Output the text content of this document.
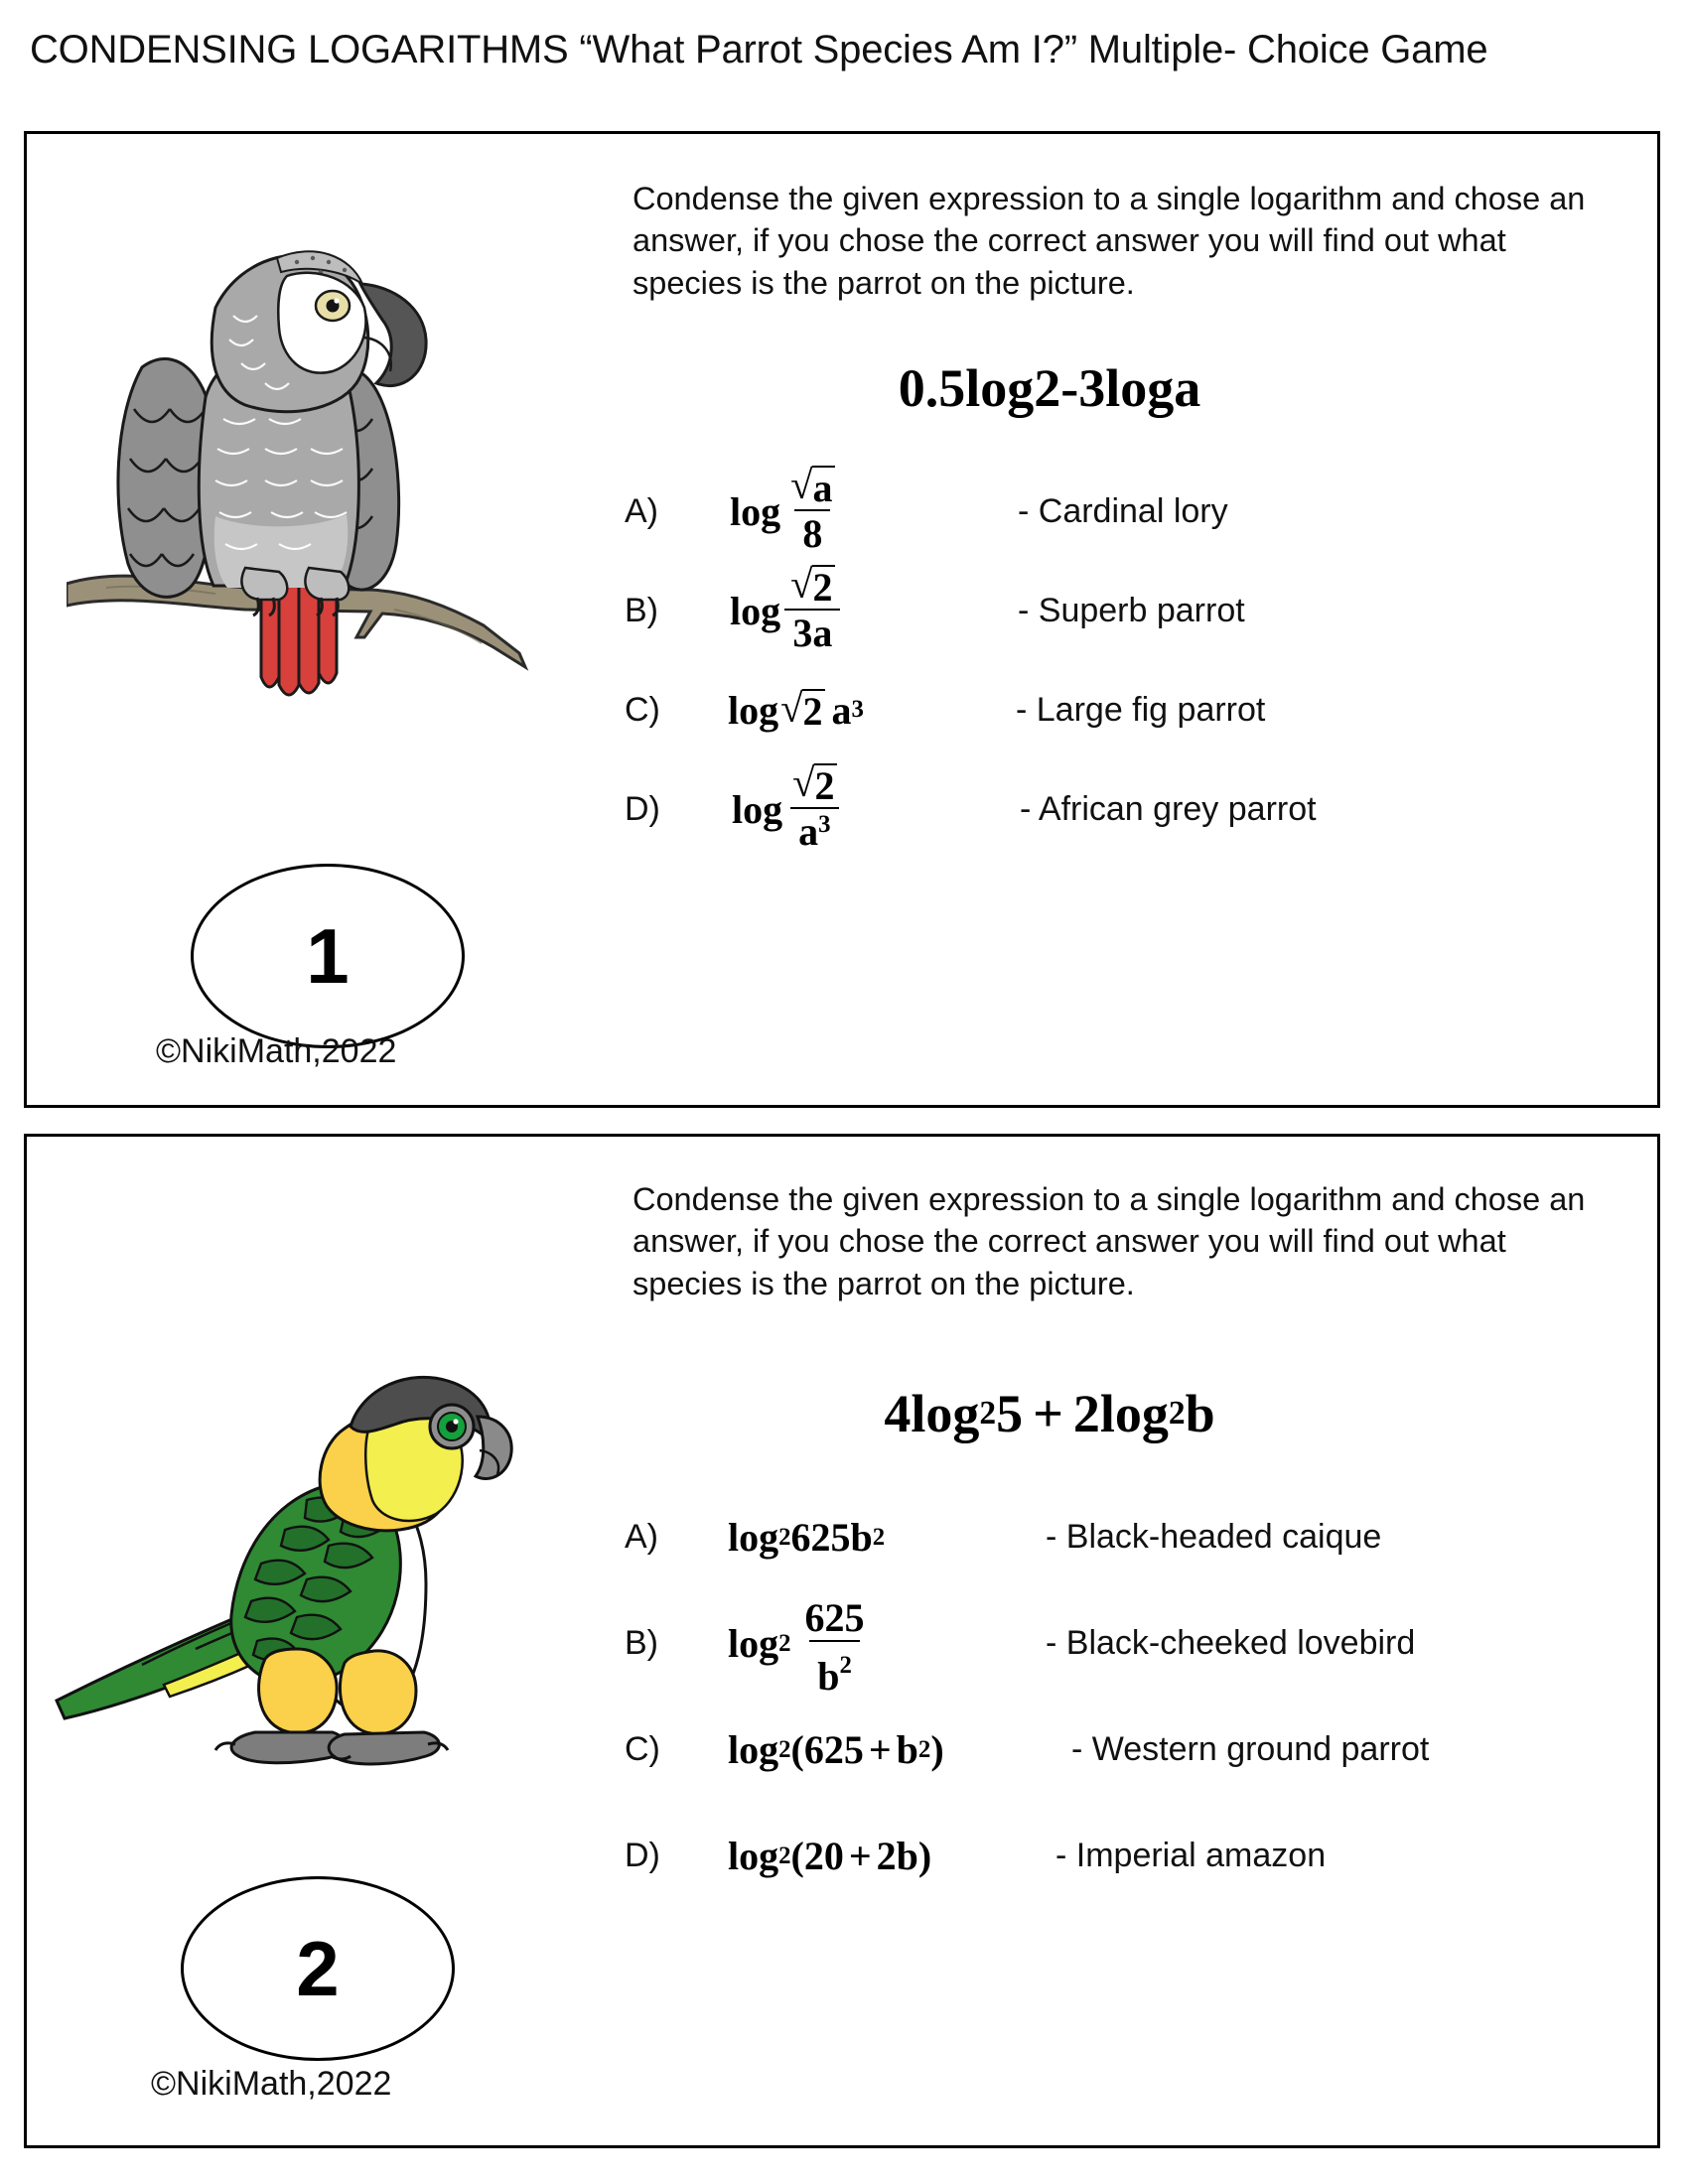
CONDENSING LOGARITHMS “What Parrot Species Am I?” Multiple- Choice Game
1
©NikiMath,2022
Condense the given expression to a single logarithm and chose an answer, if you chose the correct answer you will find out what species is the parrot on the picture.
0.5log2-3loga
A)	$\log \frac{√ a}{8}$	- Cardinal lory
B)	$\log \frac{√ 2}{3a}$	- Superb parrot
C)	log √ 2 a 3	- Large fig parrot
D)	$\log \frac{√ 2}{a^3}$	- African grey parrot
2
©NikiMath,2022
Condense the given expression to a single logarithm and chose an answer, if you chose the correct answer you will find out what species is the parrot on the picture.
4 log 2 5 + 2 log 2 b
A)	log 2 625 b 2	- Black-headed caique
B)	$\log 2 \frac{625}{b2}$	- Black-cheeked lovebird
C)	log 2 ( 625 + b 2 )	- Western ground parrot
D)	log 2 ( 20 + 2b )	- Imperial amazon
